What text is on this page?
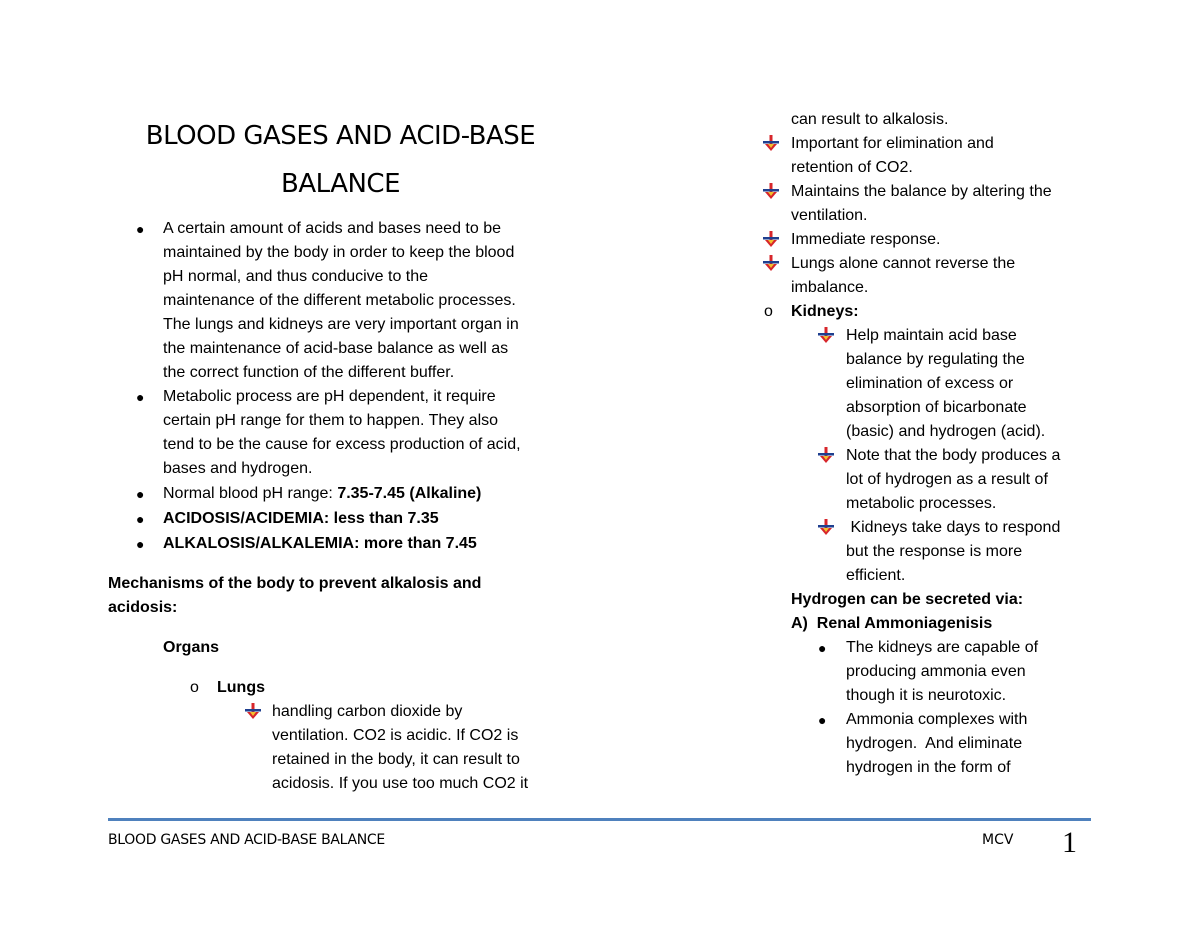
BLOOD GASES AND ACID-BASE
BALANCE
● A certain amount of acids and bases need to be
maintained by the body in order to keep the blood
pH normal, and thus conducive to the
maintenance of the different metabolic processes.
The lungs and kidneys are very important organ in
the maintenance of acid-base balance as well as
the correct function of the different buffer.
● Metabolic process are pH dependent, it require
certain pH range for them to happen. They also
tend to be the cause for excess production of acid,
bases and hydrogen.
● Normal blood pH range: 7.35-7.45 (Alkaline)
● ACIDOSIS/ACIDEMIA: less than 7.35
● ALKALOSIS/ALKALEMIA: more than 7.45
Mechanisms of the body to prevent alkalosis and
acidosis:
Organs
o Lungs
handling carbon dioxide by
ventilation. CO2 is acidic. If CO2 is
retained in the body, it can result to
acidosis. If you use too much CO2 it
can result to alkalosis.
Important for elimination and
retention of CO2.
Maintains the balance by altering the
ventilation.
Immediate response.
Lungs alone cannot reverse the
imbalance.
o Kidneys:
Help maintain acid base
balance by regulating the
elimination of excess or
absorption of bicarbonate
(basic) and hydrogen (acid).
Note that the body produces a
lot of hydrogen as a result of
metabolic processes.
Kidneys take days to respond
but the response is more
efficient.
Hydrogen can be secreted via:
A)  Renal Ammoniagenisis
● The kidneys are capable of
producing ammonia even
though it is neurotoxic.
● Ammonia complexes with
hydrogen.  And eliminate
hydrogen in the form of
BLOOD GASES AND ACID-BASE BALANCE	MCV 1
